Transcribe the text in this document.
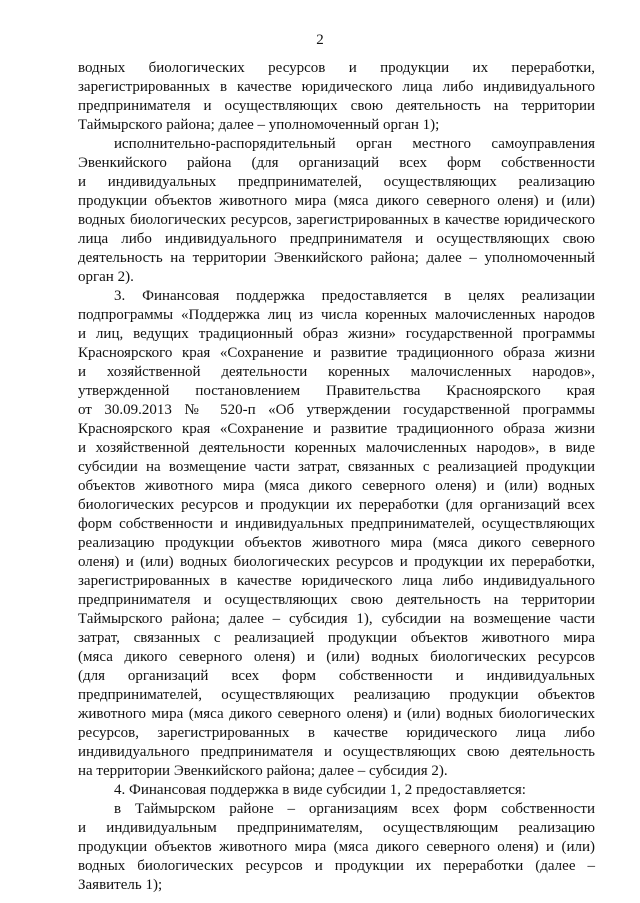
2
водных биологических ресурсов и продукции их переработки,
зарегистрированных в качестве юридического лица либо индивидуального
предпринимателя и осуществляющих свою деятельность на территории
Таймырского района; далее – уполномоченный орган 1);
исполнительно-распорядительный орган местного самоуправления
Эвенкийского района (для организаций всех форм собственности
и индивидуальных предпринимателей, осуществляющих реализацию
продукции объектов животного мира (мяса дикого северного оленя) и (или)
водных биологических ресурсов, зарегистрированных в качестве юридического
лица либо индивидуального предпринимателя и осуществляющих свою
деятельность на территории Эвенкийского района; далее – уполномоченный
орган 2).
3. Финансовая поддержка предоставляется в целях реализации
подпрограммы «Поддержка лиц из числа коренных малочисленных народов
и лиц, ведущих традиционный образ жизни» государственной программы
Красноярского края «Сохранение и развитие традиционного образа жизни
и хозяйственной деятельности коренных малочисленных народов»,
утвержденной постановлением Правительства Красноярского края
от 30.09.2013 № 520-п «Об утверждении государственной программы
Красноярского края «Сохранение и развитие традиционного образа жизни
и хозяйственной деятельности коренных малочисленных народов», в виде
субсидии на возмещение части затрат, связанных с реализацией продукции
объектов животного мира (мяса дикого северного оленя) и (или) водных
биологических ресурсов и продукции их переработки (для организаций всех
форм собственности и индивидуальных предпринимателей, осуществляющих
реализацию продукции объектов животного мира (мяса дикого северного
оленя) и (или) водных биологических ресурсов и продукции их переработки,
зарегистрированных в качестве юридического лица либо индивидуального
предпринимателя и осуществляющих свою деятельность на территории
Таймырского района; далее – субсидия 1), субсидии на возмещение части
затрат, связанных с реализацией продукции объектов животного мира
(мяса дикого северного оленя) и (или) водных биологических ресурсов
(для организаций всех форм собственности и индивидуальных
предпринимателей, осуществляющих реализацию продукции объектов
животного мира (мяса дикого северного оленя) и (или) водных биологических
ресурсов, зарегистрированных в качестве юридического лица либо
индивидуального предпринимателя и осуществляющих свою деятельность
на территории Эвенкийского района; далее – субсидия 2).
4. Финансовая поддержка в виде субсидии 1, 2 предоставляется:
в Таймырском районе – организациям всех форм собственности
и индивидуальным предпринимателям, осуществляющим реализацию
продукции объектов животного мира (мяса дикого северного оленя) и (или)
водных биологических ресурсов и продукции их переработки (далее –
Заявитель 1);
